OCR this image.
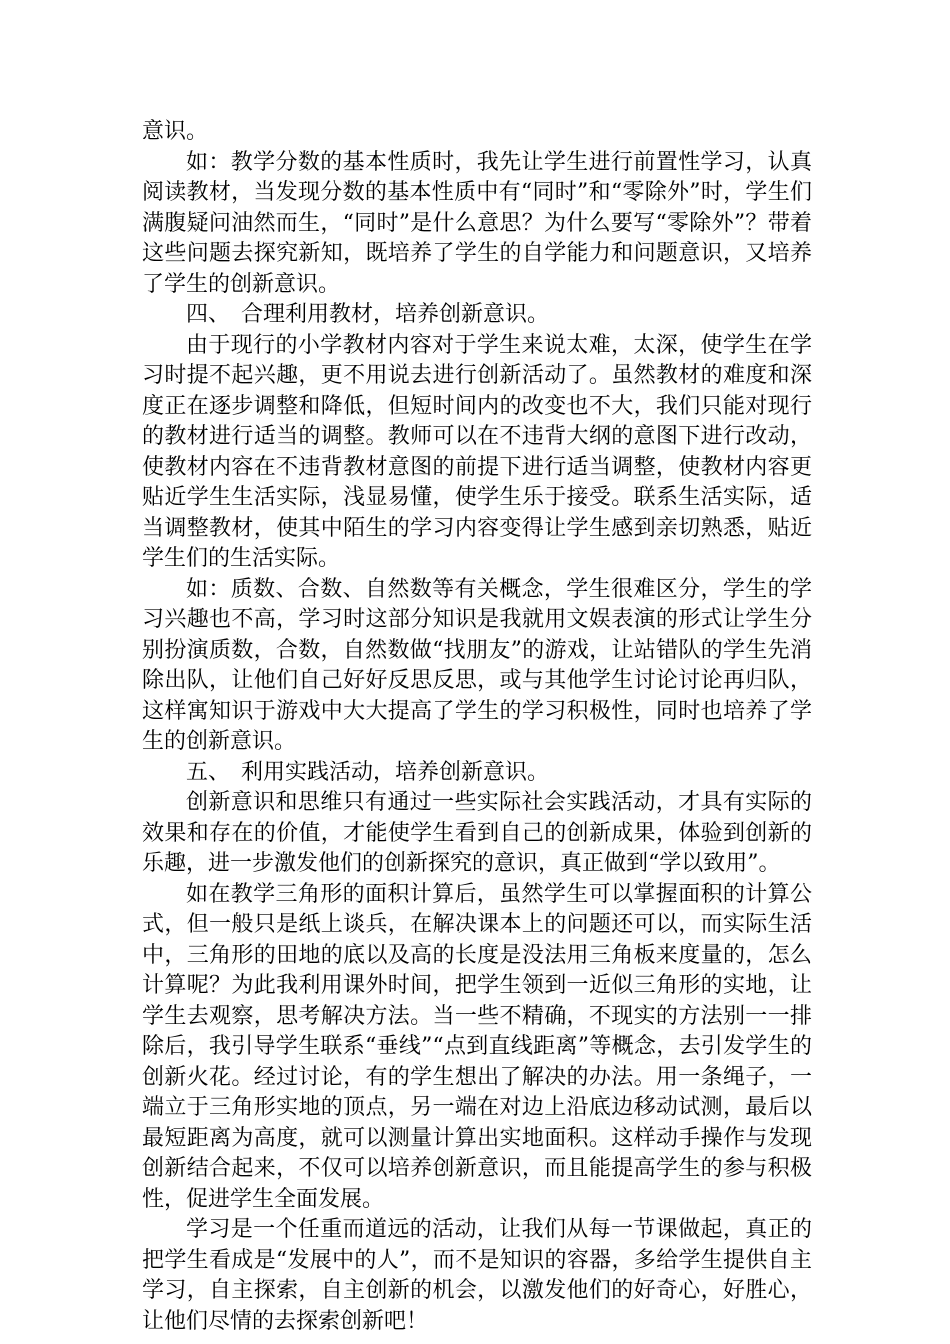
意识。

如：教学分数的基本性质时，我先让学生进行前置性学习，认真阅读教材，当发现分数的基本性质中有“同时”和“零除外”时，学生们满腹疑问油然而生，“同时”是什么意思？为什么要写“零除外”？带着这些问题去探究新知，既培养了学生的自学能力和问题意识，又培养了学生的创新意识。

四、　合理利用教材，培养创新意识。

由于现行的小学教材内容对于学生来说太难，太深，使学生在学习时提不起兴趣，更不用说去进行创新活动了。虽然教材的难度和深度正在逐步调整和降低，但短时间内的改变也不大，我们只能对现行的教材进行适当的调整。教师可以在不违背大纲的意图下进行改动，使教材内容在不违背教材意图的前提下进行适当调整，使教材内容更贴近学生生活实际，浅显易懂，使学生乐于接受。联系生活实际，适当调整教材，使其中陌生的学习内容变得让学生感到亲切熟悉，贴近学生们的生活实际。

如：质数、合数、自然数等有关概念，学生很难区分，学生的学习兴趣也不高，学习时这部分知识是我就用文娱表演的形式让学生分别扮演质数，合数，自然数做“找朋友”的游戏，让站错队的学生先消除出队，让他们自己好好反思反思，或与其他学生讨论讨论再归队，这样寓知识于游戏中大大提高了学生的学习积极性，同时也培养了学生的创新意识。

五、　利用实践活动，培养创新意识。

创新意识和思维只有通过一些实际社会实践活动，才具有实际的效果和存在的价值，才能使学生看到自己的创新成果，体验到创新的乐趣，进一步激发他们的创新探究的意识，真正做到“学以致用”。

如在教学三角形的面积计算后，虽然学生可以掌握面积的计算公式，但一般只是纸上谈兵，在解决课本上的问题还可以，而实际生活中，三角形的田地的底以及高的长度是没法用三角板来度量的，怎么计算呢？为此我利用课外时间，把学生领到一近似三角形的实地，让学生去观察，思考解决方法。当一些不精确，不现实的方法别一一排除后，我引导学生联系“垂线”“点到直线距离”等概念，去引发学生的创新火花。经过讨论，有的学生想出了解决的办法。用一条绳子，一端立于三角形实地的顶点，另一端在对边上沿底边移动试测，最后以最短距离为高度，就可以测量计算出实地面积。这样动手操作与发现创新结合起来，不仅可以培养创新意识，而且能提高学生的参与积极性，促进学生全面发展。

学习是一个任重而道远的活动，让我们从每一节课做起，真正的把学生看成是“发展中的人”，而不是知识的容器，多给学生提供自主学习，自主探索，自主创新的机会，以激发他们的好奇心，好胜心，让他们尽情的去探索创新吧！
